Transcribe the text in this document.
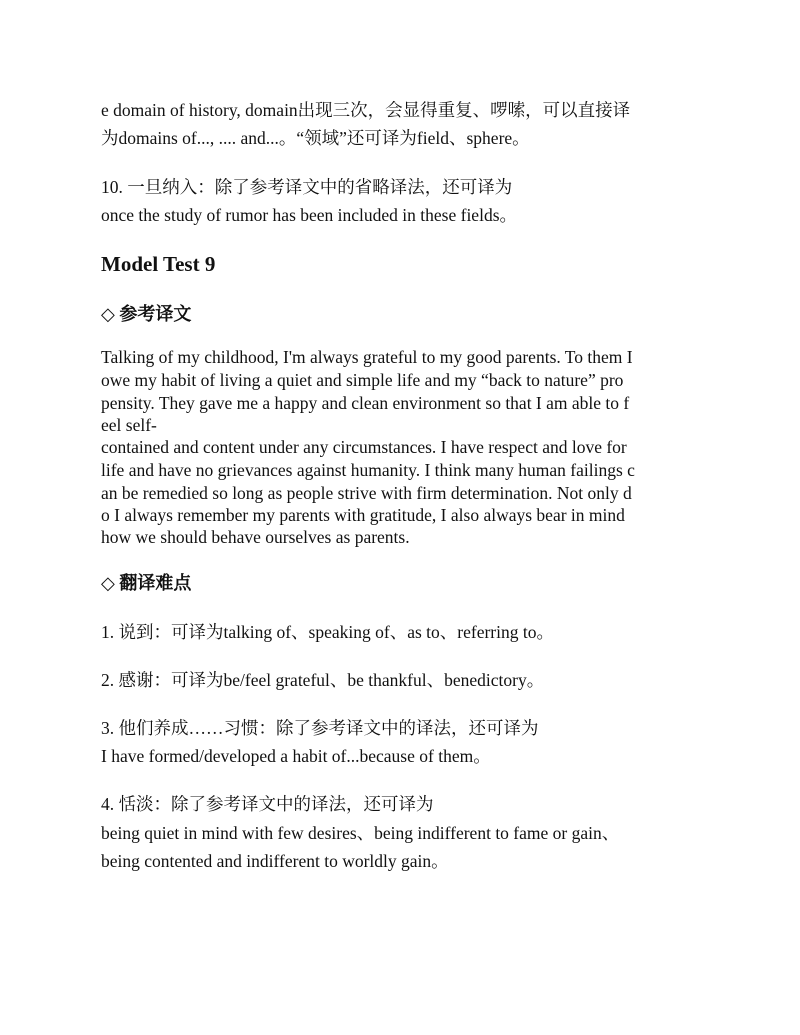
e domain of history, domain出现三次，会显得重复、啰嗦，可以直接译
为domains of..., .... and...。“领域”还可译为field、sphere。
10. 一旦纳入：除了参考译文中的省略译法，还可译为
once the study of rumor has been included in these fields。
Model Test 9
◇ 参考译文
Talking of my childhood, I'm always grateful to my good parents. To them I
owe my habit of living a quiet and simple life and my “back to nature” pro
pensity. They gave me a happy and clean environment so that I am able to f
eel self-
contained and content under any circumstances. I have respect and love for
life and have no grievances against humanity. I think many human failings c
an be remedied so long as people strive with firm determination. Not only d
o I always remember my parents with gratitude, I also always bear in mind
how we should behave ourselves as parents.
◇ 翻译难点
1. 说到：可译为talking of、speaking of、as to、referring to。
2. 感谢：可译为be/feel grateful、be thankful、benedictory。
3. 他们养成……习惯：除了参考译文中的译法，还可译为
I have formed/developed a habit of...because of them。
4. 恬淡：除了参考译文中的译法，还可译为
being quiet in mind with few desires、being indifferent to fame or gain、
being contented and indifferent to worldly gain。
